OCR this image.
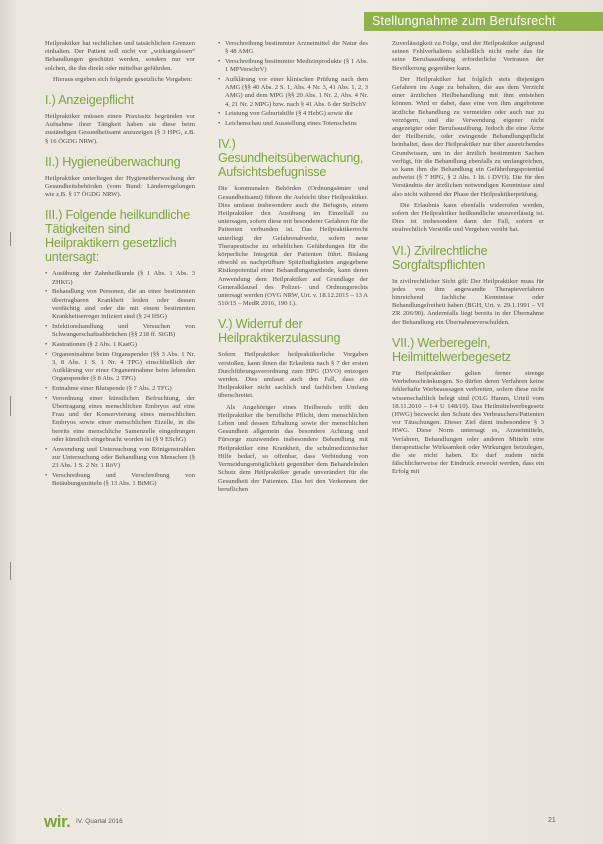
Stellungnahme zum Berufsrecht

Heilpraktiker hat rechtlichen und tatsächlichen Grenzen einhalten. Der Patient soll nicht vor „wirkungslosen“ Behandlungen geschützt werden, sondern nur vor solchen, die ihn direkt oder mittelbar gefährden.

Hieraus ergeben sich folgende gesetzliche Vorgaben:

I.) Anzeigepflicht

Heilpraktiker müssen einen Praxissitz begründen vor Aufnahme ihrer Tätigkeit haben sie diese beim zuständigen Gesundheitsamt anzuzeigen (§ 3 HPG, z.B. § 16 ÖGDG NRW).

II.) Hygieneüberwachung

Heilpraktiker unterliegen der Hygieneüberwachung der Gesundheitsbehörden (vom Bund: Länderregelungen wie z.B. § 17 ÖGDG NRW).

III.) Folgende heilkundliche Tätigkeiten sind Heilpraktikern gesetzlich untersagt:
• Ausübung der Zahnheilkunde (§ 1 Abs. 1 Abs. 3 ZHKG)
• Behandlung von Personen, die an einer bestimmten übertragbaren Krankheit leiden oder dessen verdächtig sind oder die mit einem bestimmten Krankheitserreger infiziert sind (§ 24 IfSG)
• Infektionshandlung und Versuchen von Schwangerschaftsabbrüchen (§§ 218 ff. StGB)
• Kastrationen (§ 2 Abs. 1 KastG)
• Organentnahme beim Organspender (§§ 3 Abs. 1 Nr. 3, 8 Abs. 1 S. 1 Nr. 4 TPG) einschließlich der Aufklärung vor einer Organentnahme beim lebenden Organspender (§ 8 Abs. 2 TPG)
• Entnahme einer Blutspende (§ 7 Abs. 2 TFG)
• Verordnung einer künstlichen Befruchtung, der Übertragung eines menschlichen Embryos auf eine Frau und der Konservierung eines menschlichen Embryos sowie einer menschlichen Eizelle, in die bereits eine menschliche Samenzelle eingedrungen oder künstlich eingebracht worden ist (§ 9 ESchG)
• Anwendung und Untersuchung von Röntgenstrahlen zur Untersuchung oder Behandlung von Menschen (§ 23 Abs. 1 S. 2 Nr. 1 RöV)
• Verschreibung und Verschreibung von Betäubungsmitteln (§ 13 Abs. 1 BtMG)
• Verschreibung bestimmter Arzneimittel die Natur des § 48 AMG
• Verschreibung bestimmter Medizinprodukte (§ 1 Abs. 1 MPVerschrV)
• Aufklärung vor einer klinischen Prüfung nach dem AMG (§§ 40 Abs. 2 S. 1, Abs. 4 Nr. 3, 41 Abs. 1, 2, 3 AMG) und dem MPG (§§ 20 Abs. 1 Nr. 2, Abs. 4 Nr. 4, 21 Nr. 2 MPG) bzw. nach § 41 Abs. 6 der StrlSchV
• Leistung von Geburtshilfe (§ 4 HebG) sowie die
• Leichenschau und Ausstellung eines Totenscheins
IV.) Gesundheitsüberwachung, Aufsichtsbefugnisse

Die kommunalen Behörden (Ordnungsämter und Gesundheitsamt) führen die Aufsicht über Heilpraktiker. Dies umfasst insbesondere auch die Befugnis, einem Heilpraktiker den Ausübung im Einzelfall zu untersagen, sofern diese mit besonderer Gefahren für die Patienten verbunden ist. Das Heilpraktikerrecht unterliegt der Gefahrenabwehr, sofern neue Therapeutische zu erheblichen Gefährdungen für die körperliche Integrität der Patienten führt. Bislang obwohl es nachprüfbare Spitzfindigkeiten angegebene Risikopotential einer Behandlungsmethode, kann deren Anwendung dem Heilpraktiker auf Grundlage der Generalklausel des Polizei- und Ordnungsrechts untersagt werden (OVG NRW, Urt. v. 18.12.2015 – 13 A 510/15 – MedR 2016, 190 f.).

V.) Widerruf der Heilpraktikerzulassung

Sofern Heilpraktiker heilpraktikerliche Vorgaben verstoßen, kann ihnen die Erlaubnis nach § 7 der ersten Durchführungsverordnung zum HPG (DVO) entzogen werden. Dies umfasst auch den Fall, dass ein Heilpraktiker nicht sachlich und fachlichen Umfang überschreitet.

Als Angehöriger eines Heilberufs trifft den Heilpraktiker die berufliche Pflicht, dem menschlichen Leben und dessen Erhaltung sowie der menschlichen Gesundheit allgemein das besondere Achtung und Fürsorge zuzuwenden insbesondere Behandlung mit Heilpraktiker eine Krankheit, die schulmedizinischer Hilfe bedarf, so offenbar, dass Verbindung von Vermeidungsmöglichkeit gegenüber dem Behandelnden Schutz dem Heilpraktiker gerade unverändert für die Gesundheit der Patienten. Das bei den Verkennen der beruflichen

Zuverlässigkeit zu Folge, und der Heilpraktiker aufgrund seinen Fehlverhaltens schließlich nicht mehr das für seine Berufsausübung erforderliche Vertrauen der Bevölkerung gegenüber kann.

Der Heilpraktiker hat folglich stets diejenigen Gefahren im Auge zu behalten, die aus dem Verzicht einer ärztlichen Heilbehandlung mit ihm entstehen können. Wird er dabei, dass eine von ihm angebotene ärztliche Behandlung zu vermeiden oder auch nur zu verzögern, und die Verwendung eigener nicht angezeigter oder Berufsausübung. Jedoch die eine Ärzte der Heilberufe, oder zwingende Behandlungspflicht beinhaltet, dass der Heilpraktiker nur über ausreichendes Grundwissen, um in der ärztlich bestimmten Sachen verfügt, für die Behandlung ebenfalls zu umfangreichen, so kann ihm die Behandlung ein Gefährdungspotential aufweist (§ 7 HPG, § 2 Abs. 1 lit. i DVO). Die für den Verständnis der ärztlichen notwendigen Kenntnisse sind also nicht während der Phase der Heilpraktikerprüfung.

Die Erlaubnis kann ebenfalls widerrufen werden, sofern der Heilpraktiker heilkundliche unzuverlässig ist. Dies ist insbesondere dann der Fall, sofern er strafrechtlich Verstöße und Vergehen verübt hat.

VI.) Zivilrechtliche Sorgfaltspflichten

In zivilrechtlicher Sicht gilt: Der Heilpraktiker muss für jedes von ihm angewandte Therapieverfahren hinreichend fachliche Kenntnisse oder Behandlungsfreiheit haben (BGH, Urt. v. 29.1.1991 – VI ZR 206/90). Andernfalls liegt bereits in der Übernahme der Behandlung ein Übernahmeverschulden.

VII.) Werberegeln, Heilmittelwerbegesetz

Für Heilpraktiker gelten ferner strenge Werbebeschränkungen. So dürfen deren Verfahren keine fehlerhafte Werbeaussagen verbreiten, sofern diese nicht wissenschaftlich belegt sind (OLG Hamm, Urteil vom 18.11.2010 – I-4 U 148/10). Das Heilmittelwerbegesetz (HWG) bezweckt den Schutz des Verbrauchers/Patienten vor Täuschungen. Dieser Ziel dient insbesondere § 3 HWG. Diese Norm untersagt es, Arzneimitteln, Verfahren, Behandlungen oder anderen Mitteln eine therapeutische Wirksamkeit oder Wirkungen beizulegen, die sie nicht haben. Es darf zudem nicht fälschlicherweise der Eindruck erweckt werden, dass ein Erfolg mit

wir. IV. Quartal 2016	21
